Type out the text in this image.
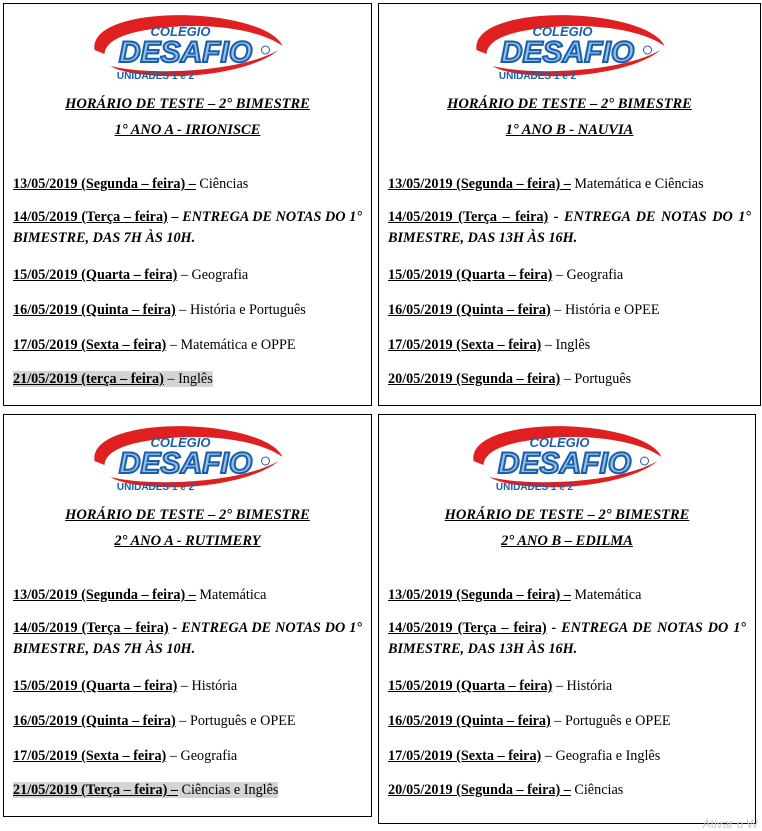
COLÉGIO
DESAFIO
UNIDADES 1 e 2
HORÁRIO DE TESTE – 2° BIMESTRE
1° ANO A - IRIONISCE
13/05/2019 (Segunda – feira) – Ciências
14/05/2019 (Terça – feira) – ENTREGA DE NOTAS DO 1° BIMESTRE, DAS 7H ÀS 10H.
15/05/2019 (Quarta – feira) – Geografia
16/05/2019 (Quinta – feira) – História e Português
17/05/2019 (Sexta – feira) – Matemática e OPPE
21/05/2019 (terça – feira) – Inglês
COLÉGIO
DESAFIO
UNIDADES 1 e 2
HORÁRIO DE TESTE – 2° BIMESTRE
1° ANO B - NAUVIA
13/05/2019 (Segunda – feira) – Matemática e Ciências
14/05/2019 (Terça – feira) - ENTREGA DE NOTAS DO 1° BIMESTRE, DAS 13H ÀS 16H.
15/05/2019 (Quarta – feira) – Geografia
16/05/2019 (Quinta – feira) – História e OPEE
17/05/2019 (Sexta – feira) – Inglês
20/05/2019 (Segunda – feira) – Português
COLÉGIO
DESAFIO
UNIDADES 1 e 2
HORÁRIO DE TESTE – 2° BIMESTRE
2° ANO A - RUTIMERY
13/05/2019 (Segunda – feira) – Matemática
14/05/2019 (Terça – feira) - ENTREGA DE NOTAS DO 1° BIMESTRE, DAS 7H ÀS 10H.
15/05/2019 (Quarta – feira) – História
16/05/2019 (Quinta – feira) – Português e OPEE
17/05/2019 (Sexta – feira) – Geografia
21/05/2019 (Terça – feira) – Ciências e Inglês
COLÉGIO
DESAFIO
UNIDADES 1 e 2
HORÁRIO DE TESTE – 2° BIMESTRE
2° ANO B – EDILMA
13/05/2019 (Segunda – feira) – Matemática
14/05/2019 (Terça – feira) - ENTREGA DE NOTAS DO 1° BIMESTRE, DAS 13H ÀS 16H.
15/05/2019 (Quarta – feira) – História
16/05/2019 (Quinta – feira) – Português e OPEE
17/05/2019 (Sexta – feira) – Geografia e Inglês
20/05/2019 (Segunda – feira) – Ciências
Ativar o W
